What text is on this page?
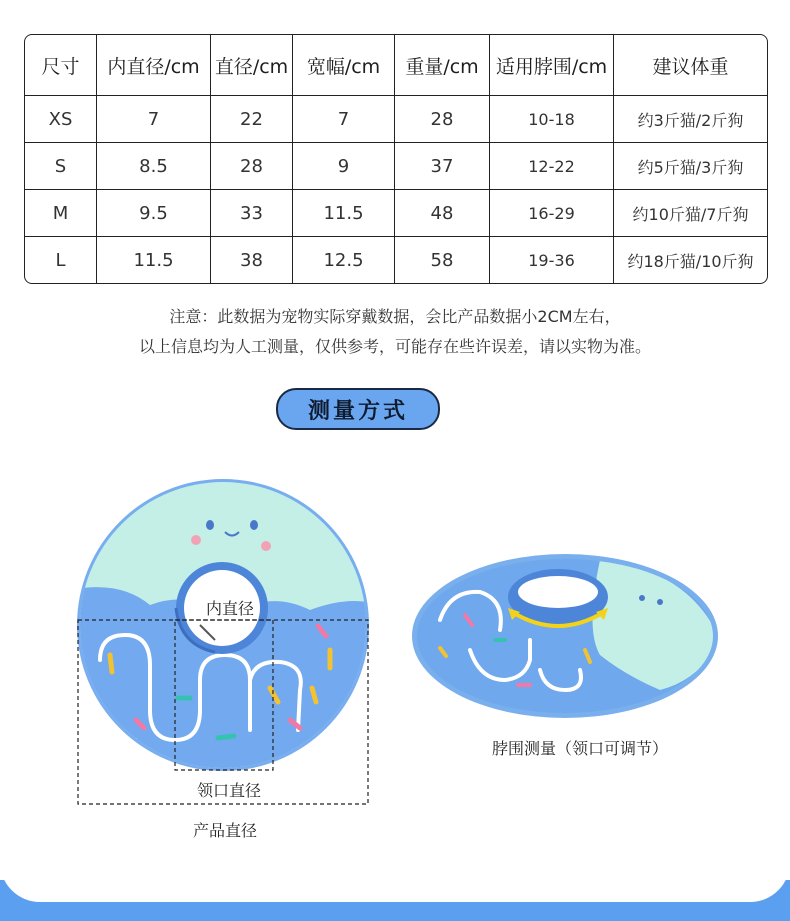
尺寸	内直径/cm	直径/cm	宽幅/cm	重量/cm	适用脖围/cm	建议体重
XS	7	22	7	28	10-18	约3斤猫/2斤狗
S	8.5	28	9	37	12-22	约5斤猫/3斤狗
M	9.5	33	11.5	48	16-29	约10斤猫/7斤狗
L	11.5	38	12.5	58	19-36	约18斤猫/10斤狗
注意：此数据为宠物实际穿戴数据，会比产品数据小2CM左右，
以上信息均为人工测量，仅供参考，可能存在些许误差，请以实物为准。
测量方式
内直径
领口直径
产品直径
脖围测量（领口可调节）
